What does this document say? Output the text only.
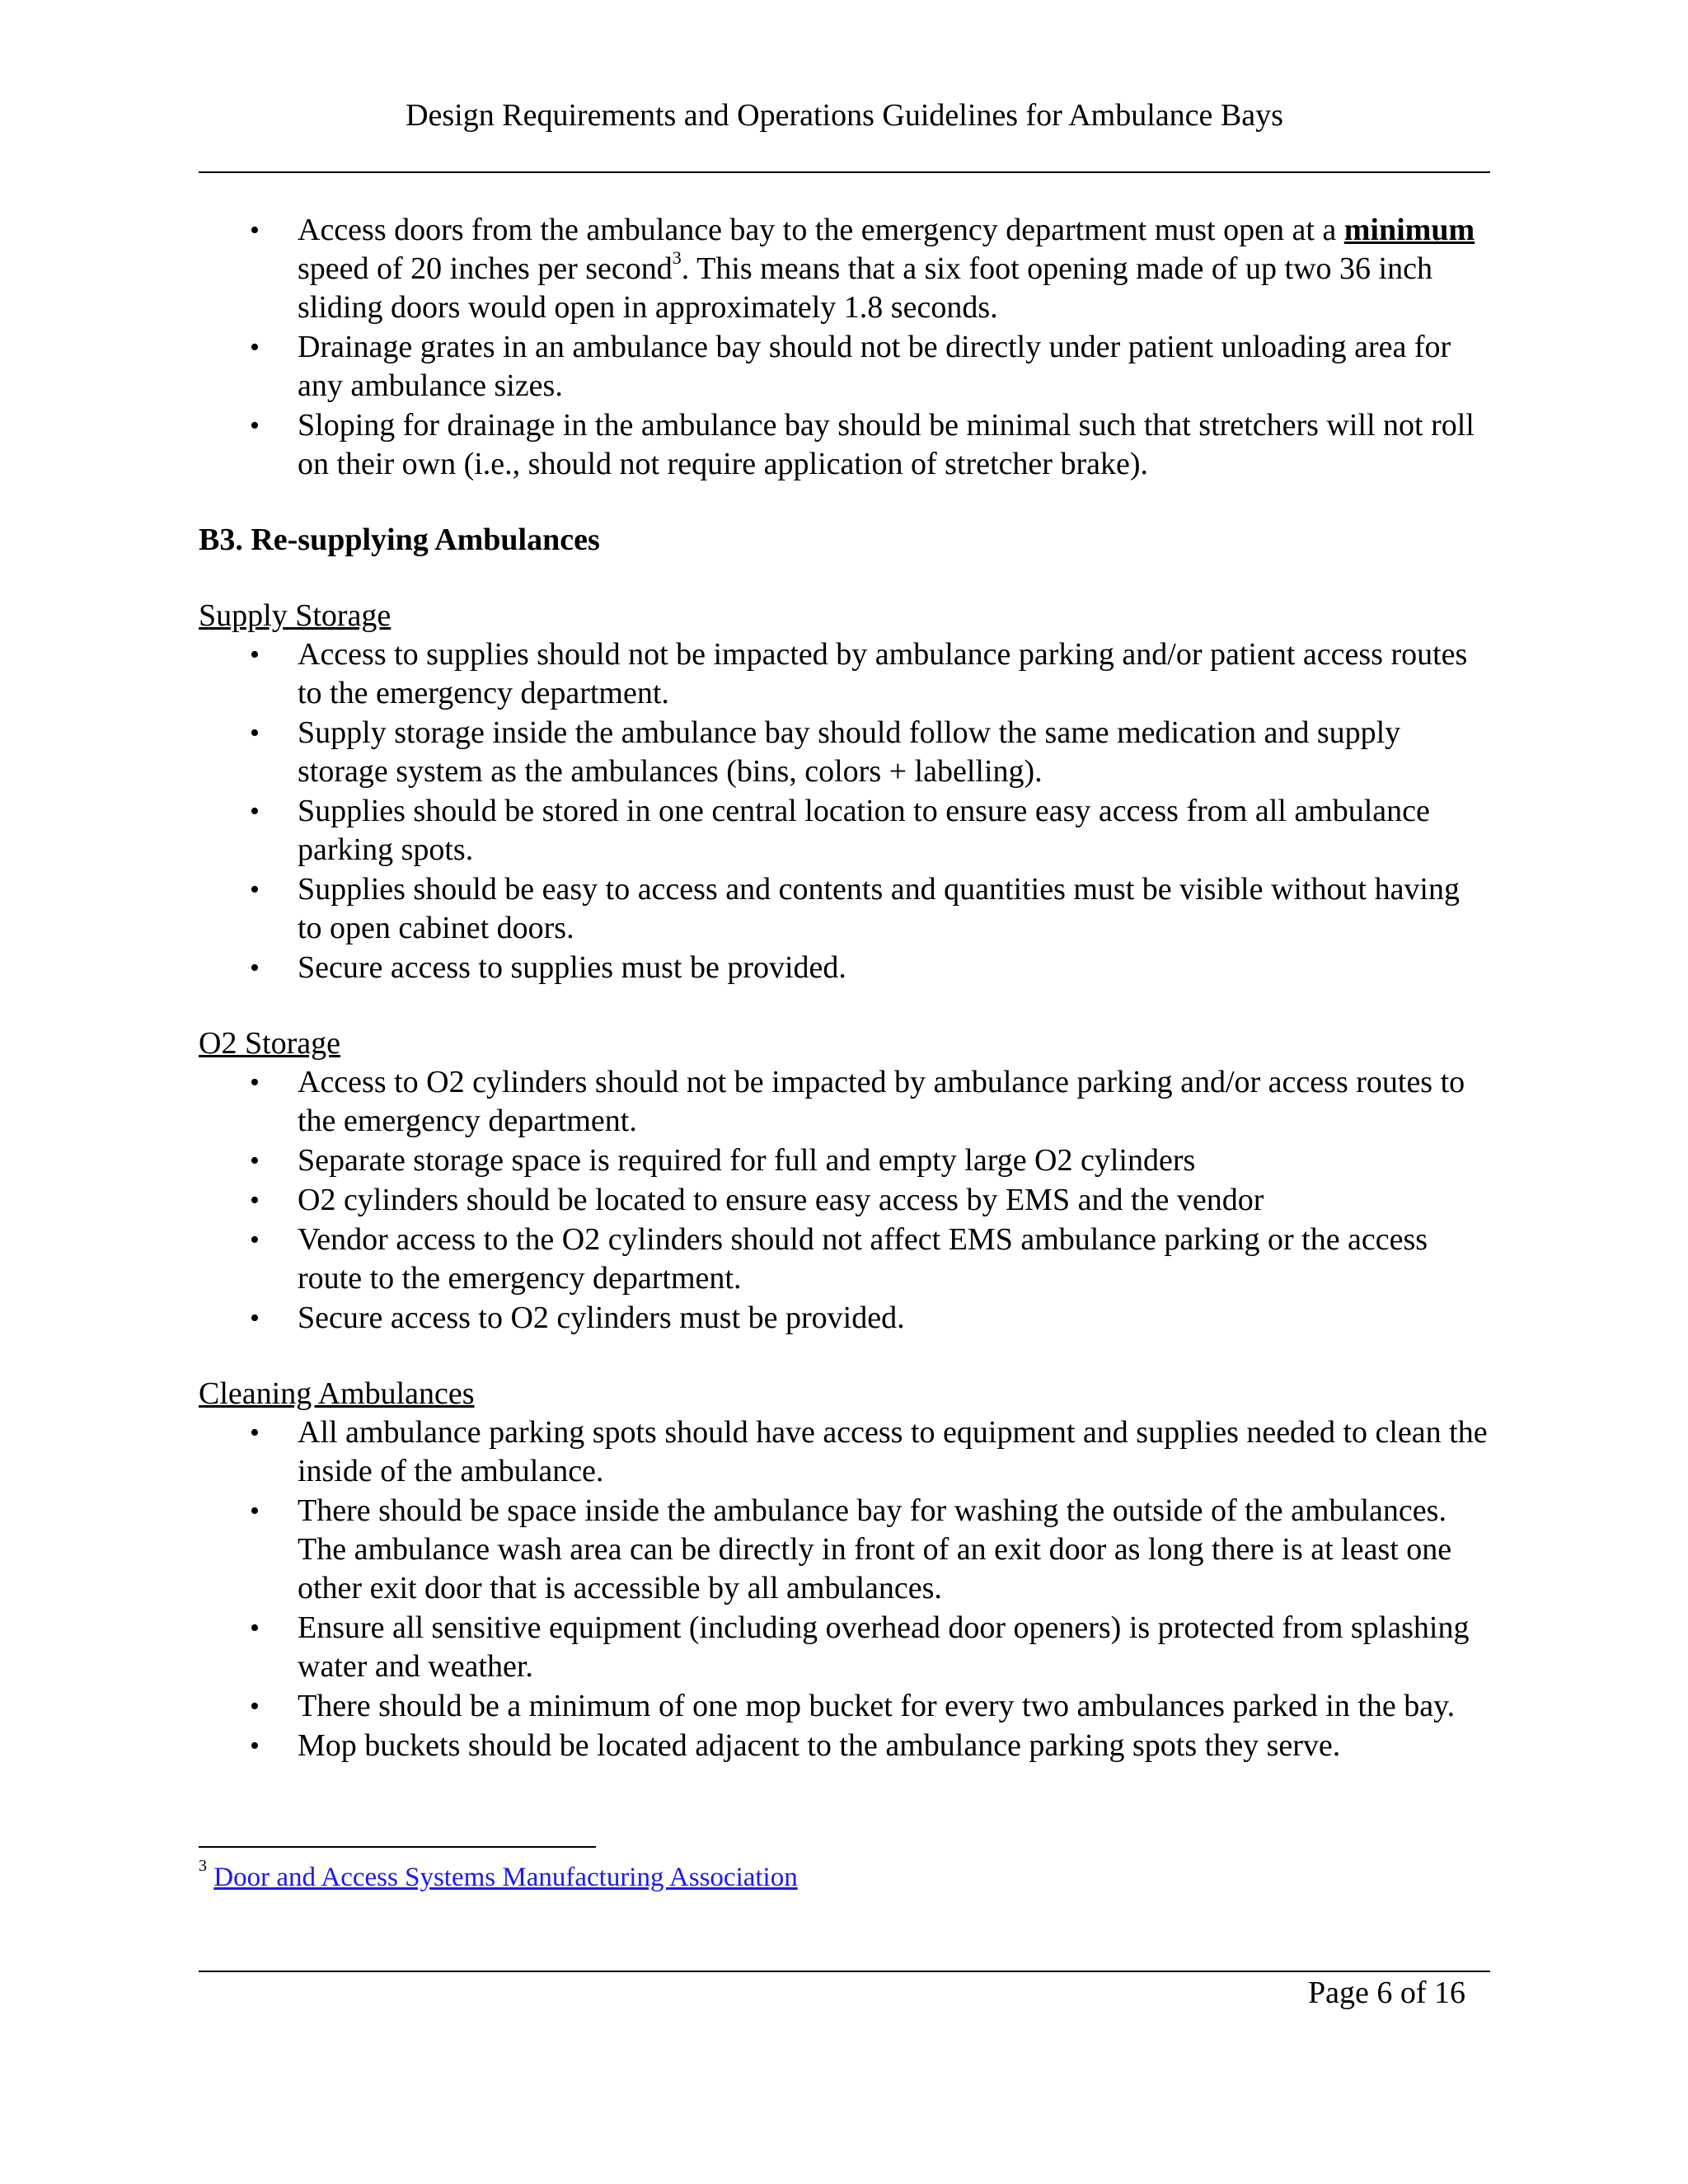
Design Requirements and Operations Guidelines for Ambulance Bays
• Access doors from the ambulance bay to the emergency department must open at a minimum speed of 20 inches per second$^3$. This means that a six foot opening made of up two 36 inch sliding doors would open in approximately 1.8 seconds.
• Drainage grates in an ambulance bay should not be directly under patient unloading area for any ambulance sizes.
• Sloping for drainage in the ambulance bay should be minimal such that stretchers will not roll on their own (i.e., should not require application of stretcher brake).
B3. Re-supplying Ambulances
Supply Storage
• Access to supplies should not be impacted by ambulance parking and/or patient access routes to the emergency department.
• Supply storage inside the ambulance bay should follow the same medication and supply storage system as the ambulances (bins, colors + labelling).
• Supplies should be stored in one central location to ensure easy access from all ambulance parking spots.
• Supplies should be easy to access and contents and quantities must be visible without having to open cabinet doors.
• Secure access to supplies must be provided.
O2 Storage
• Access to O2 cylinders should not be impacted by ambulance parking and/or access routes to the emergency department.
• Separate storage space is required for full and empty large O2 cylinders
• O2 cylinders should be located to ensure easy access by EMS and the vendor
• Vendor access to the O2 cylinders should not affect EMS ambulance parking or the access route to the emergency department.
• Secure access to O2 cylinders must be provided.
Cleaning Ambulances
• All ambulance parking spots should have access to equipment and supplies needed to clean the inside of the ambulance.
• There should be space inside the ambulance bay for washing the outside of the ambulances. The ambulance wash area can be directly in front of an exit door as long there is at least one other exit door that is accessible by all ambulances.
• Ensure all sensitive equipment (including overhead door openers) is protected from splashing water and weather.
• There should be a minimum of one mop bucket for every two ambulances parked in the bay.
• Mop buckets should be located adjacent to the ambulance parking spots they serve.
$^3$ Door and Access Systems Manufacturing Association
Page 6 of 16
